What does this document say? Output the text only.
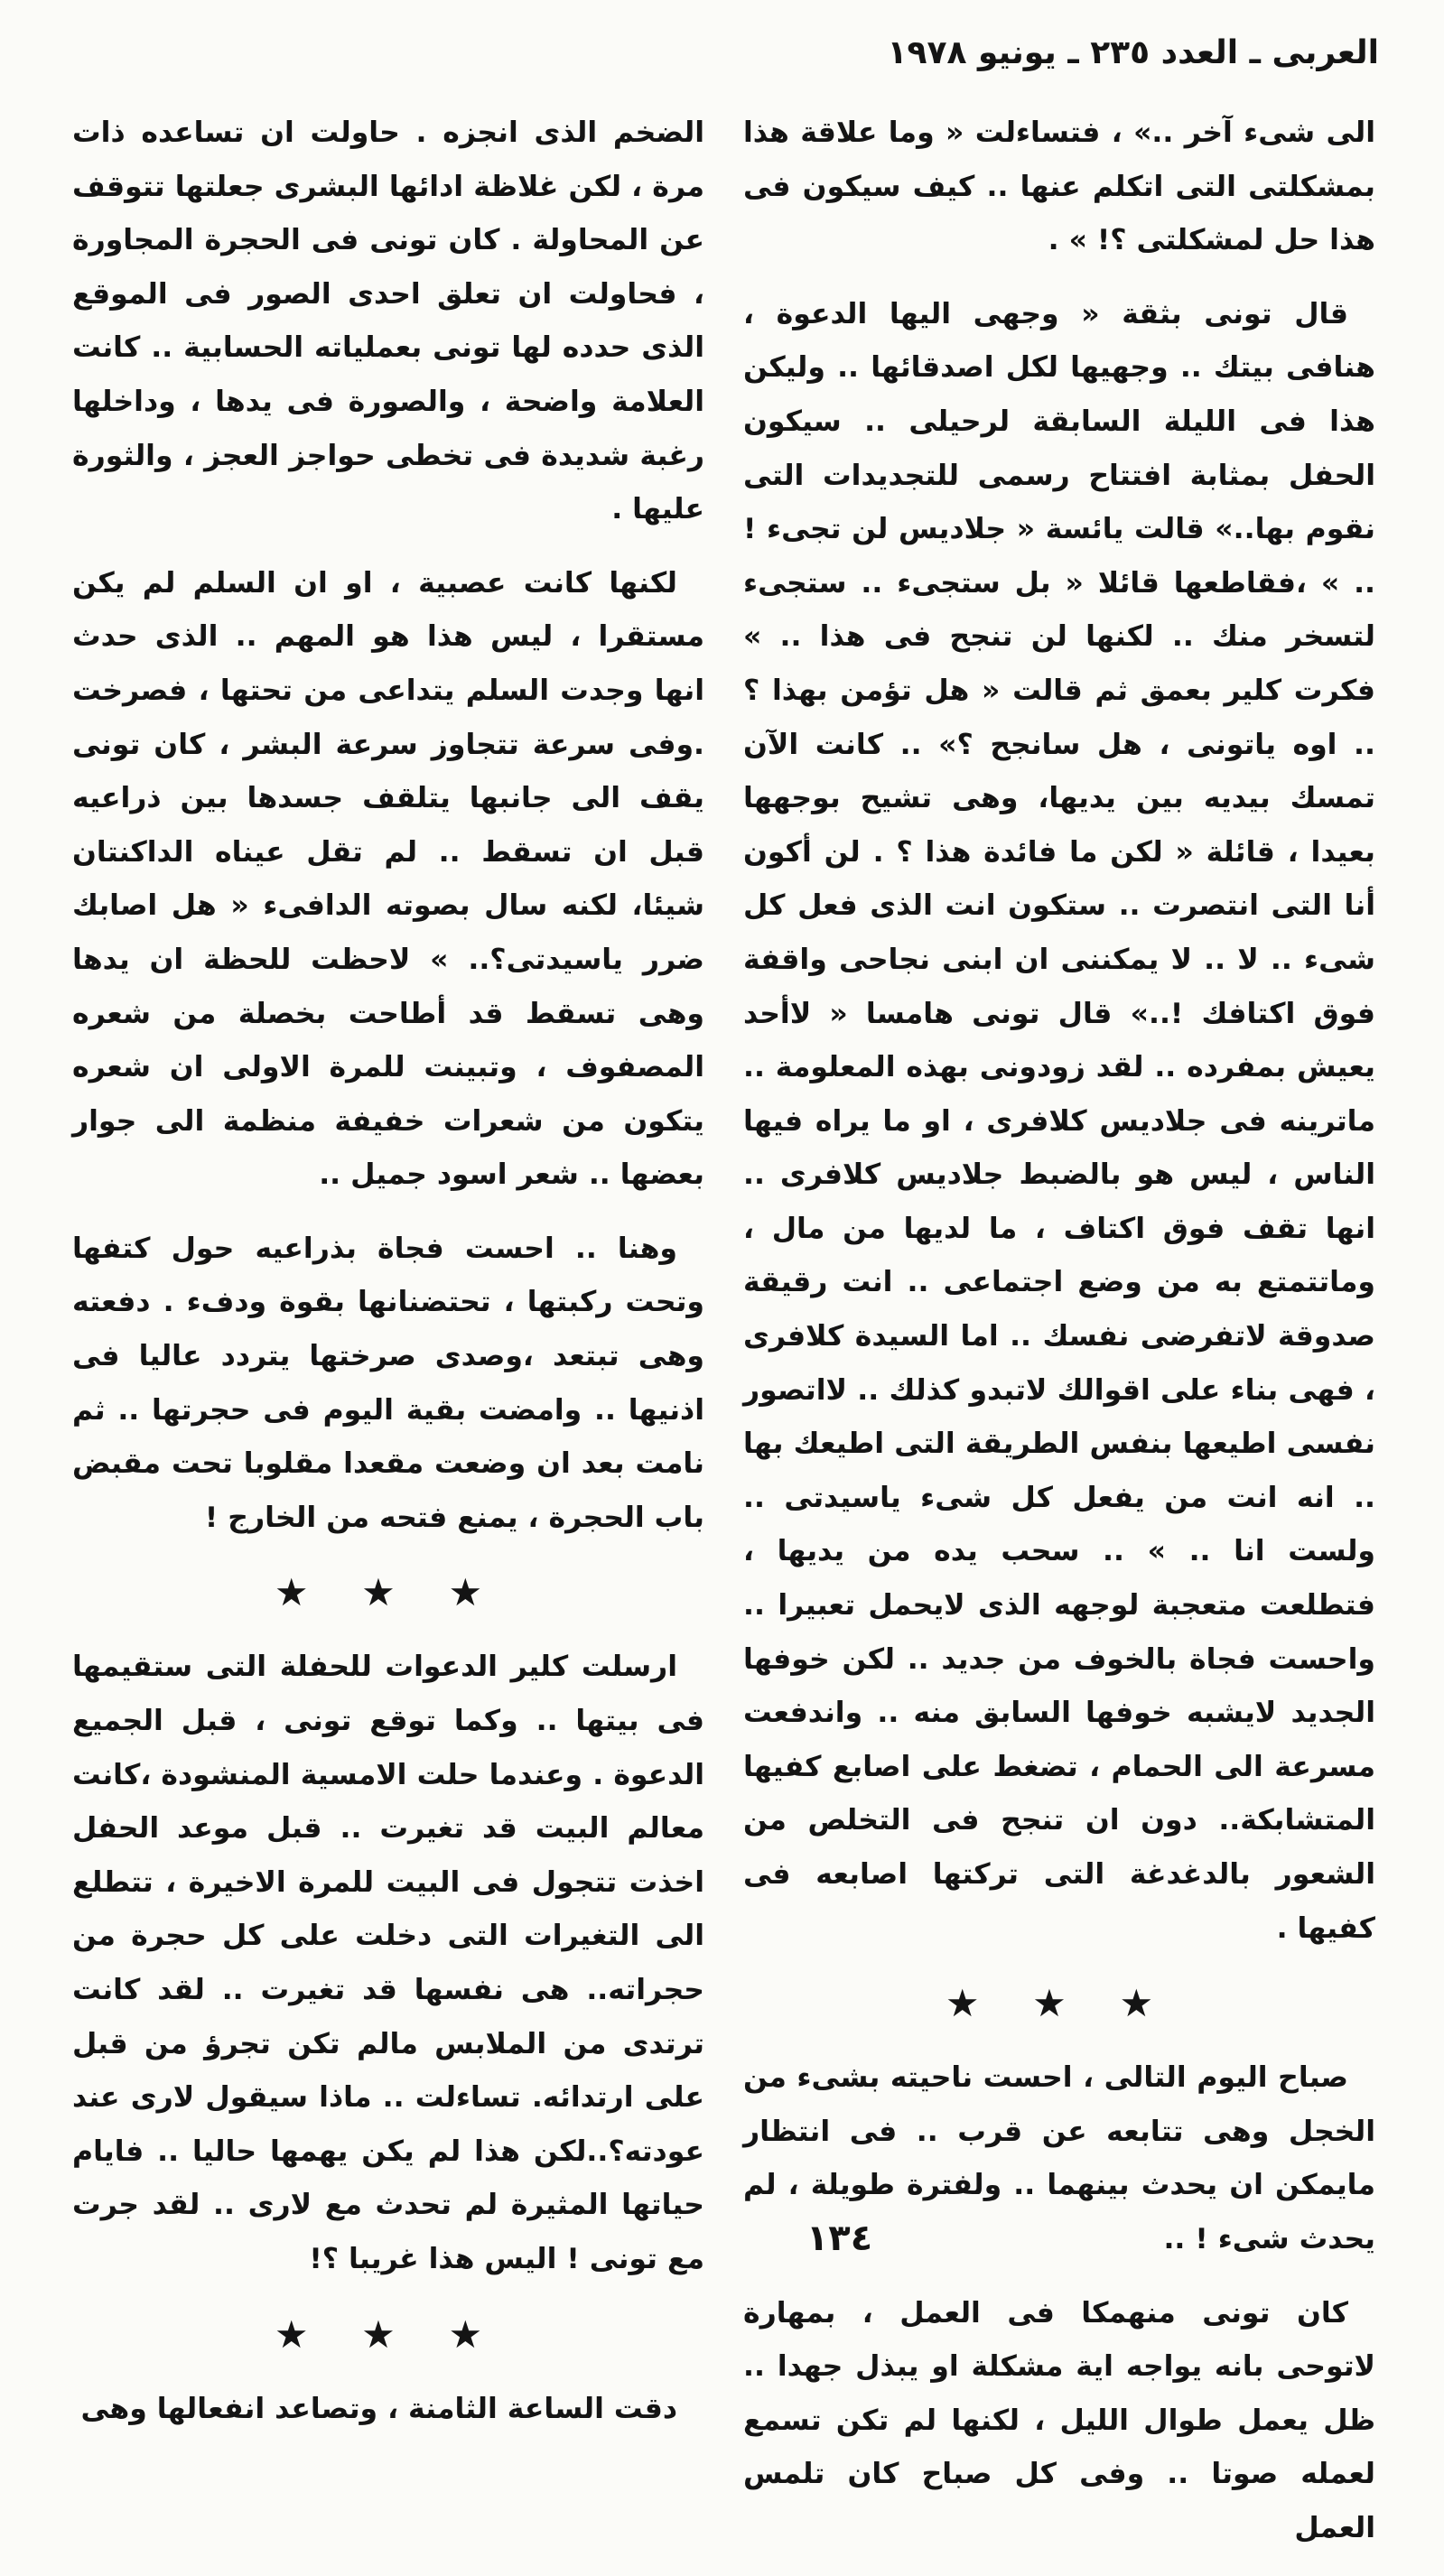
العربى ـ العدد ٢٣٥ ـ يونيو ١٩٧٨

الى شىء آخر ..» ، فتساءلت « وما علاقة هذا بمشكلتى التى اتكلم عنها .. كيف سيكون فى هذا حل لمشكلتى ؟! » .

قال تونى بثقة « وجهى اليها الدعوة ، هنافى بيتك .. وجهيها لكل اصدقائها .. وليكن هذا فى الليلة السابقة لرحيلى .. سيكون الحفل بمثابة افتتاح رسمى للتجديدات التى نقوم بها..» قالت يائسة « جلاديس لن تجىء ! .. » ،فقاطعها قائلا « بل ستجىء .. ستجىء لتسخر منك .. لكنها لن تنجح فى هذا .. » فكرت كلير بعمق ثم قالت « هل تؤمن بهذا ؟ .. اوه ياتونى ، هل سانجح ؟» .. كانت الآن تمسك بيديه بين يديها، وهى تشيح بوجهها بعيدا ، قائلة « لكن ما فائدة هذا ؟ . لن أكون أنا التى انتصرت .. ستكون انت الذى فعل كل شىء .. لا .. لا يمكننى ان ابنى نجاحى واقفة فوق اكتافك !..» قال تونى هامسا « لاأحد يعيش بمفرده .. لقد زودونى بهذه المعلومة .. ماترينه فى جلاديس كلافرى ، او ما يراه فيها الناس ، ليس هو بالضبط جلاديس كلافرى .. انها تقف فوق اكتاف ، ما لديها من مال ، وماتتمتع به من وضع اجتماعى .. انت رقيقة صدوقة لاتفرضى نفسك .. اما السيدة كلافرى ، فهى بناء على اقوالك لاتبدو كذلك .. لااتصور نفسى اطيعها بنفس الطريقة التى اطيعك بها .. انه انت من يفعل كل شىء ياسيدتى .. ولست انا .. » .. سحب يده من يديها ، فتطلعت متعجبة لوجهه الذى لايحمل تعبيرا .. واحست فجاة بالخوف من جديد .. لكن خوفها الجديد لايشبه خوفها السابق منه .. واندفعت مسرعة الى الحمام ، تضغط على اصابع كفيها المتشابكة.. دون ان تنجح فى التخلص من الشعور بالدغدغة التى تركتها اصابعه فى كفيها .

★ ★ ★

صباح اليوم التالى ، احست ناحيته بشىء من الخجل وهى تتابعه عن قرب .. فى انتظار مايمكن ان يحدث بينهما .. ولفترة طويلة ، لم يحدث شىء ! ..

كان تونى منهمكا فى العمل ، بمهارة لاتوحى بانه يواجه اية مشكلة او يبذل جهدا .. ظل يعمل طوال الليل ، لكنها لم تكن تسمع لعمله صوتا .. وفى كل صباح كان تلمس العمل

الضخم الذى انجزه . حاولت ان تساعده ذات مرة ، لكن غلاظة ادائها البشرى جعلتها تتوقف عن المحاولة . كان تونى فى الحجرة المجاورة ، فحاولت ان تعلق احدى الصور فى الموقع الذى حدده لها تونى بعملياته الحسابية .. كانت العلامة واضحة ، والصورة فى يدها ، وداخلها رغبة شديدة فى تخطى حواجز العجز ، والثورة عليها .

لكنها كانت عصبية ، او ان السلم لم يكن مستقرا ، ليس هذا هو المهم .. الذى حدث انها وجدت السلم يتداعى من تحتها ، فصرخت .وفى سرعة تتجاوز سرعة البشر ، كان تونى يقف الى جانبها يتلقف جسدها بين ذراعيه قبل ان تسقط .. لم تقل عيناه الداكنتان شيئا، لكنه سال بصوته الدافىء « هل اصابك ضرر ياسيدتى؟.. » لاحظت للحظة ان يدها وهى تسقط قد أطاحت بخصلة من شعره المصفوف ، وتبينت للمرة الاولى ان شعره يتكون من شعرات خفيفة منظمة الى جوار بعضها .. شعر اسود جميل ..

وهنا .. احست فجاة بذراعيه حول كتفها وتحت ركبتها ، تحتضنانها بقوة ودفء . دفعته وهى تبتعد ،وصدى صرختها يتردد عاليا فى اذنيها .. وامضت بقية اليوم فى حجرتها .. ثم نامت بعد ان وضعت مقعدا مقلوبا تحت مقبض باب الحجرة ، يمنع فتحه من الخارج !

★ ★ ★

ارسلت كلير الدعوات للحفلة التى ستقيمها فى بيتها .. وكما توقع تونى ، قبل الجميع الدعوة . وعندما حلت الامسية المنشودة ،كانت معالم البيت قد تغيرت .. قبل موعد الحفل اخذت تتجول فى البيت للمرة الاخيرة ، تتطلع الى التغيرات التى دخلت على كل حجرة من حجراته.. هى نفسها قد تغيرت .. لقد كانت ترتدى من الملابس مالم تكن تجرؤ من قبل على ارتدائه. تساءلت .. ماذا سيقول لارى عند عودته؟..لكن هذا لم يكن يهمها حاليا .. فايام حياتها المثيرة لم تحدث مع لارى .. لقد جرت مع تونى ! اليس هذا غريبا ؟!

★ ★ ★

دقت الساعة الثامنة ، وتصاعد انفعالها وهى

١٣٤
